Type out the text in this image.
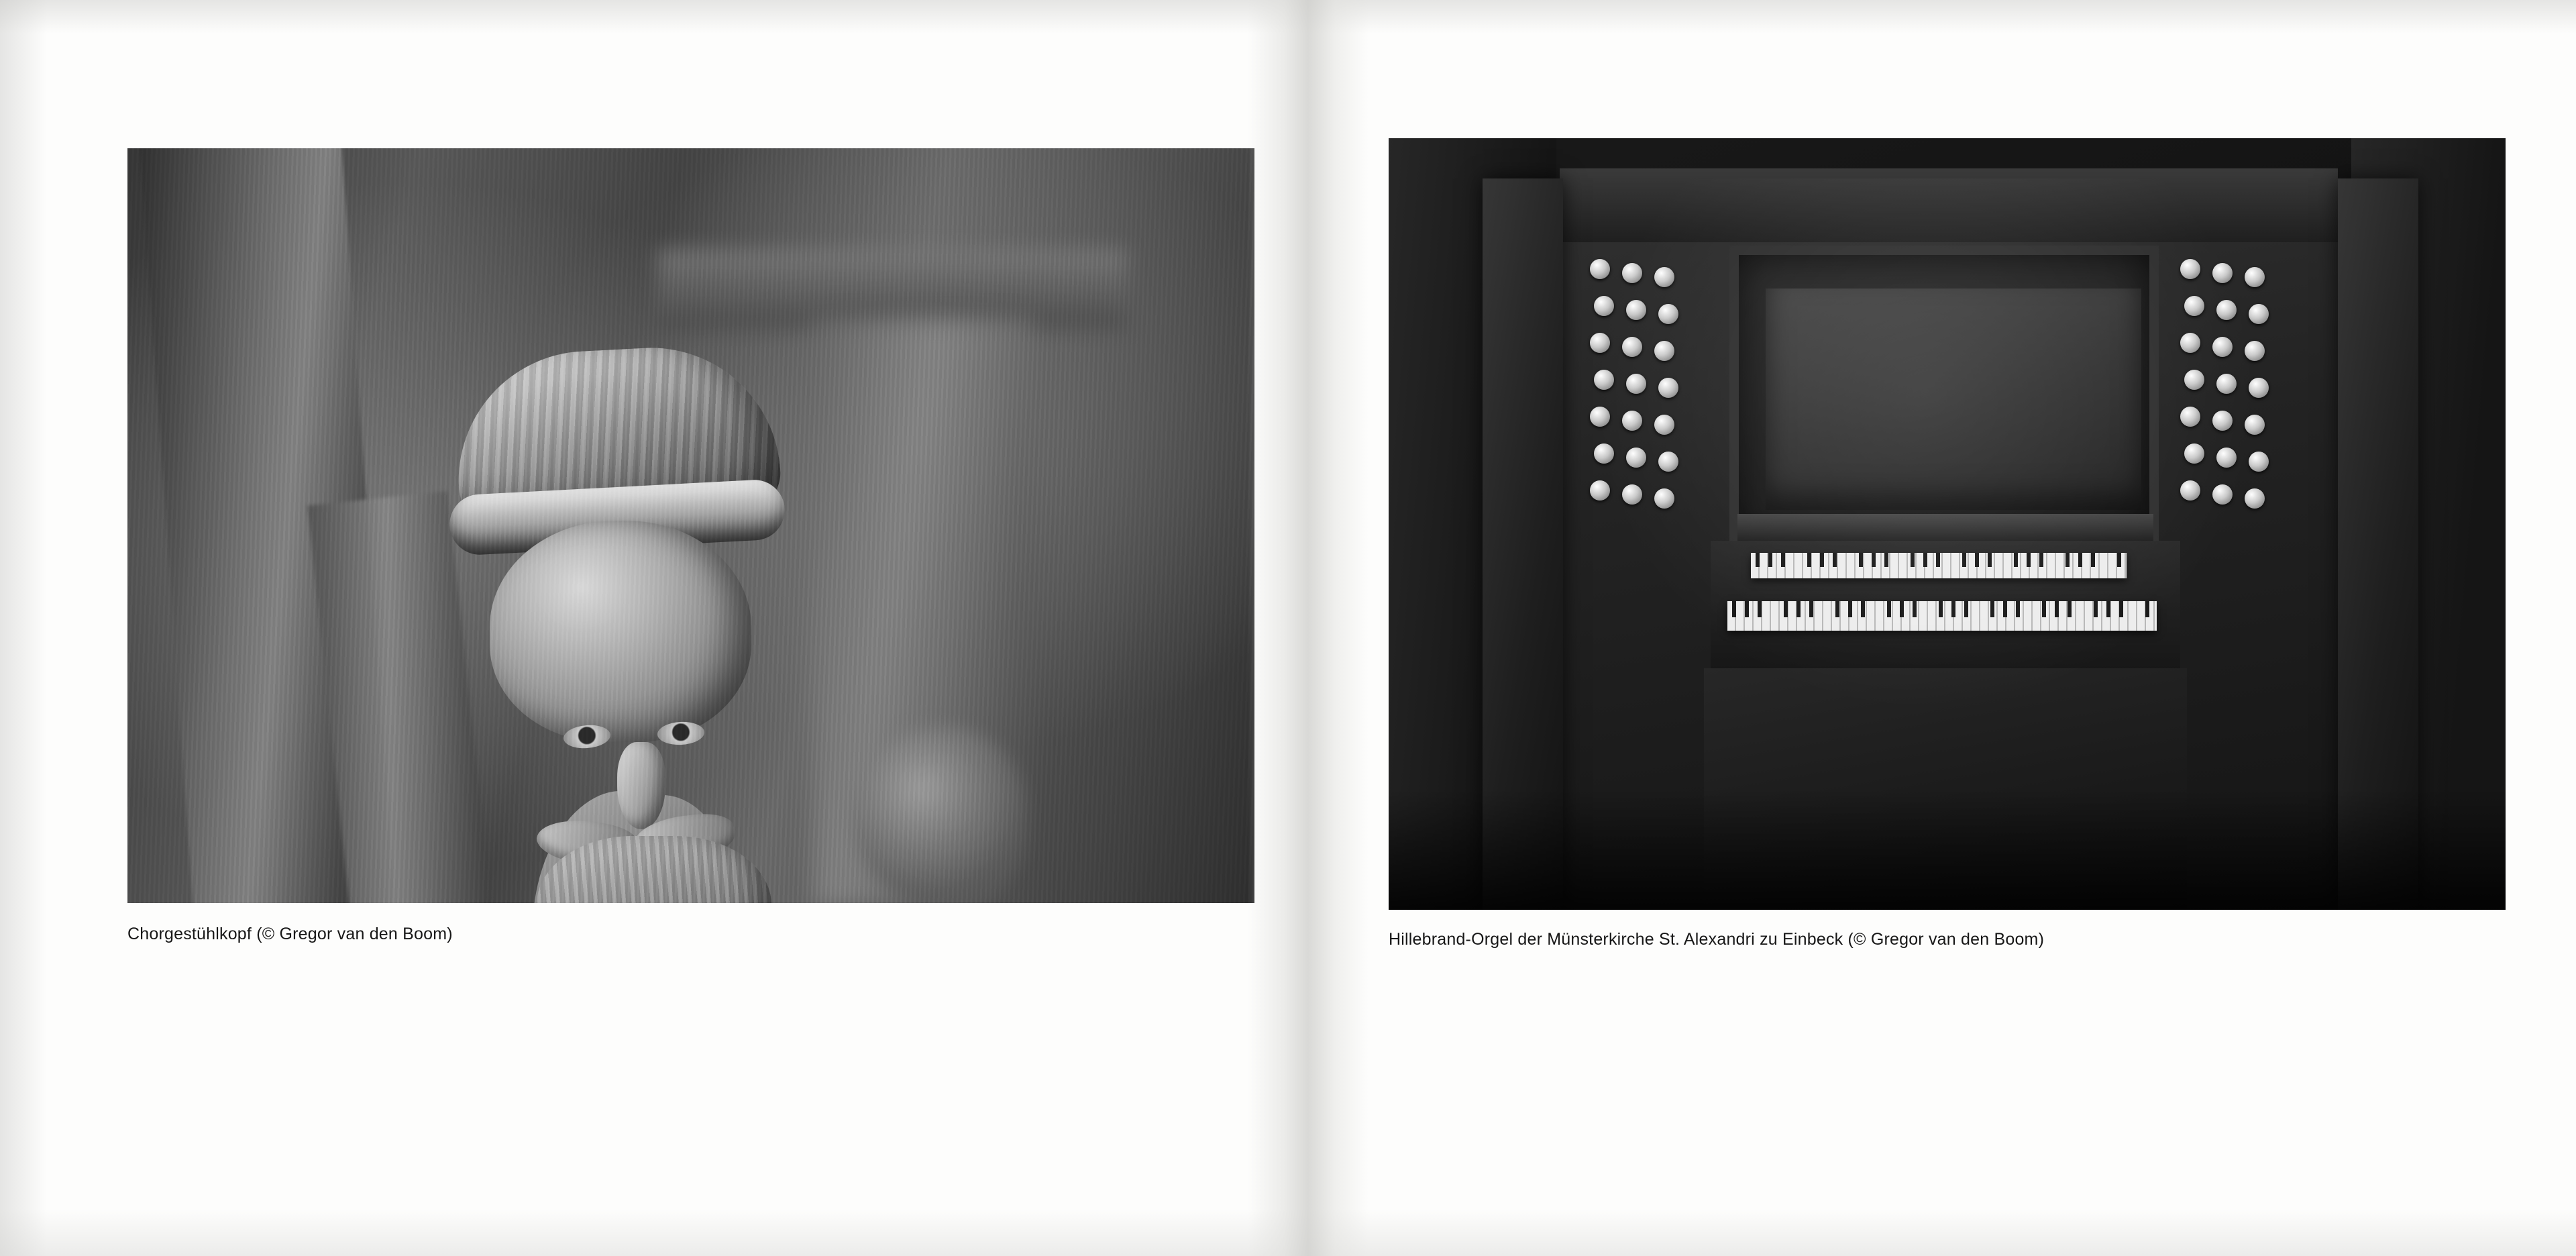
Chorgestühlkopf (© Gregor van den Boom)	Hillebrand-Orgel der Münsterkirche St. Alexandri zu Einbeck (© Gregor van den Boom)
